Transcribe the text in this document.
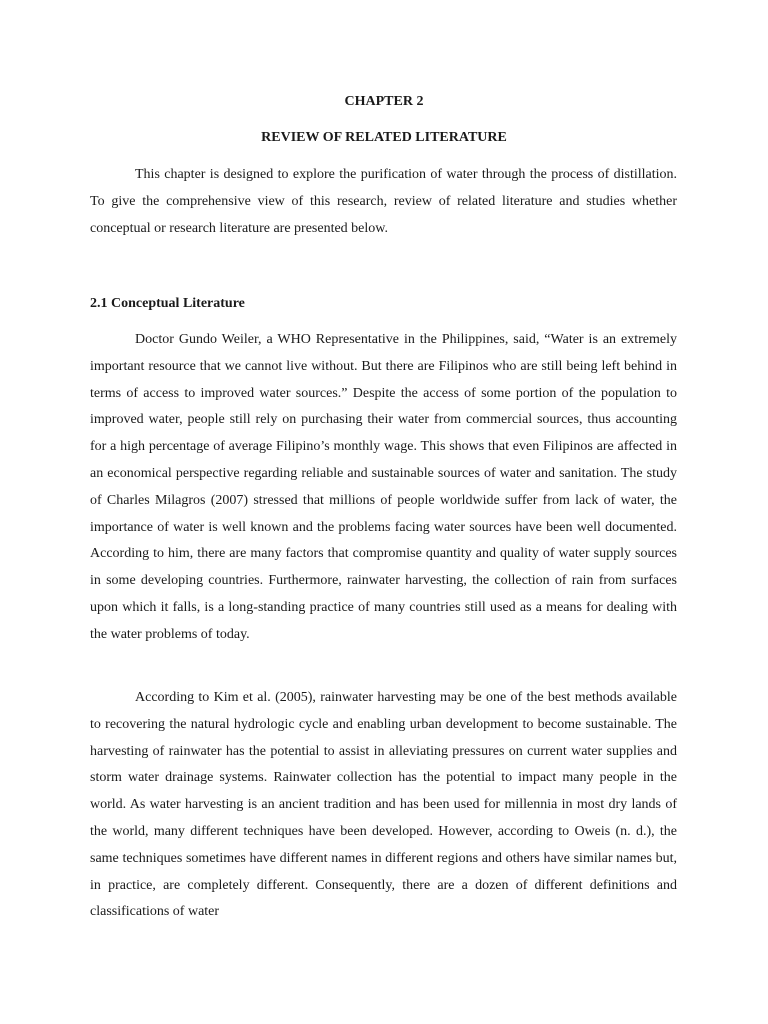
CHAPTER 2
REVIEW OF RELATED LITERATURE

This chapter is designed to explore the purification of water through the process of distillation. To give the comprehensive view of this research, review of related literature and studies whether conceptual or research literature are presented below.

2.1 Conceptual Literature

Doctor Gundo Weiler, a WHO Representative in the Philippines, said, “Water is an extremely important resource that we cannot live without. But there are Filipinos who are still being left behind in terms of access to improved water sources.” Despite the access of some portion of the population to improved water, people still rely on purchasing their water from commercial sources, thus accounting for a high percentage of average Filipino’s monthly wage. This shows that even Filipinos are affected in an economical perspective regarding reliable and sustainable sources of water and sanitation. The study of Charles Milagros (2007) stressed that millions of people worldwide suffer from lack of water, the importance of water is well known and the problems facing water sources have been well documented. According to him, there are many factors that compromise quantity and quality of water supply sources in some developing countries. Furthermore, rainwater harvesting, the collection of rain from surfaces upon which it falls, is a long-standing practice of many countries still used as a means for dealing with the water problems of today.

According to Kim et al. (2005), rainwater harvesting may be one of the best methods available to recovering the natural hydrologic cycle and enabling urban development to become sustainable. The harvesting of rainwater has the potential to assist in alleviating pressures on current water supplies and storm water drainage systems. Rainwater collection has the potential to impact many people in the world. As water harvesting is an ancient tradition and has been used for millennia in most dry lands of the world, many different techniques have been developed. However, according to Oweis (n. d.), the same techniques sometimes have different names in different regions and others have similar names but, in practice, are completely different. Consequently, there are a dozen of different definitions and classifications of water
